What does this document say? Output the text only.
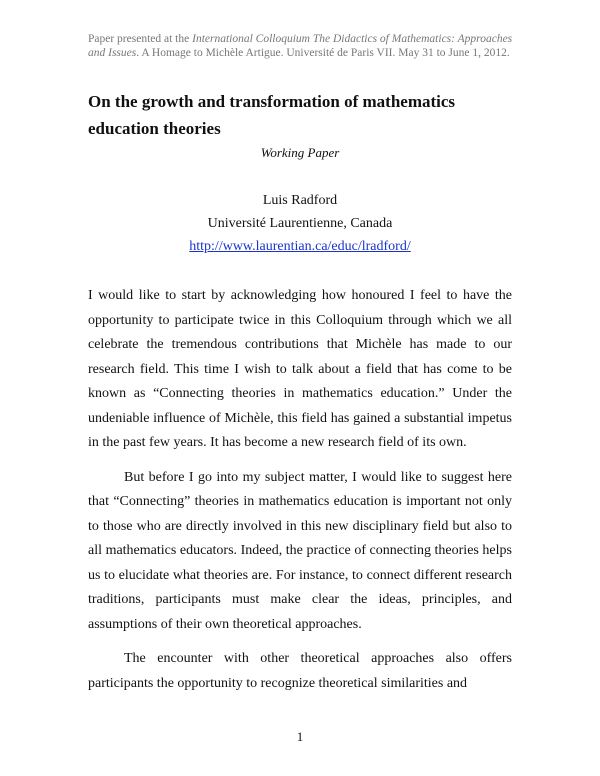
Paper presented at the International Colloquium The Didactics of Mathematics: Approaches and Issues. A Homage to Michèle Artigue. Université de Paris VII. May 31 to June 1, 2012.
On the growth and transformation of mathematics education theories
Working Paper
Luis Radford
Université Laurentienne, Canada
http://www.laurentian.ca/educ/lradford/

I would like to start by acknowledging how honoured I feel to have the opportunity to participate twice in this Colloquium through which we all celebrate the tremendous contributions that Michèle has made to our research field. This time I wish to talk about a field that has come to be known as “Connecting theories in mathematics education.” Under the undeniable influence of Michèle, this field has gained a substantial impetus in the past few years. It has become a new research field of its own.

But before I go into my subject matter, I would like to suggest here that “Connecting” theories in mathematics education is important not only to those who are directly involved in this new disciplinary field but also to all mathematics educators. Indeed, the practice of connecting theories helps us to elucidate what theories are. For instance, to connect different research traditions, participants must make clear the ideas, principles, and assumptions of their own theoretical approaches.

The encounter with other theoretical approaches also offers participants the opportunity to recognize theoretical similarities and

1
